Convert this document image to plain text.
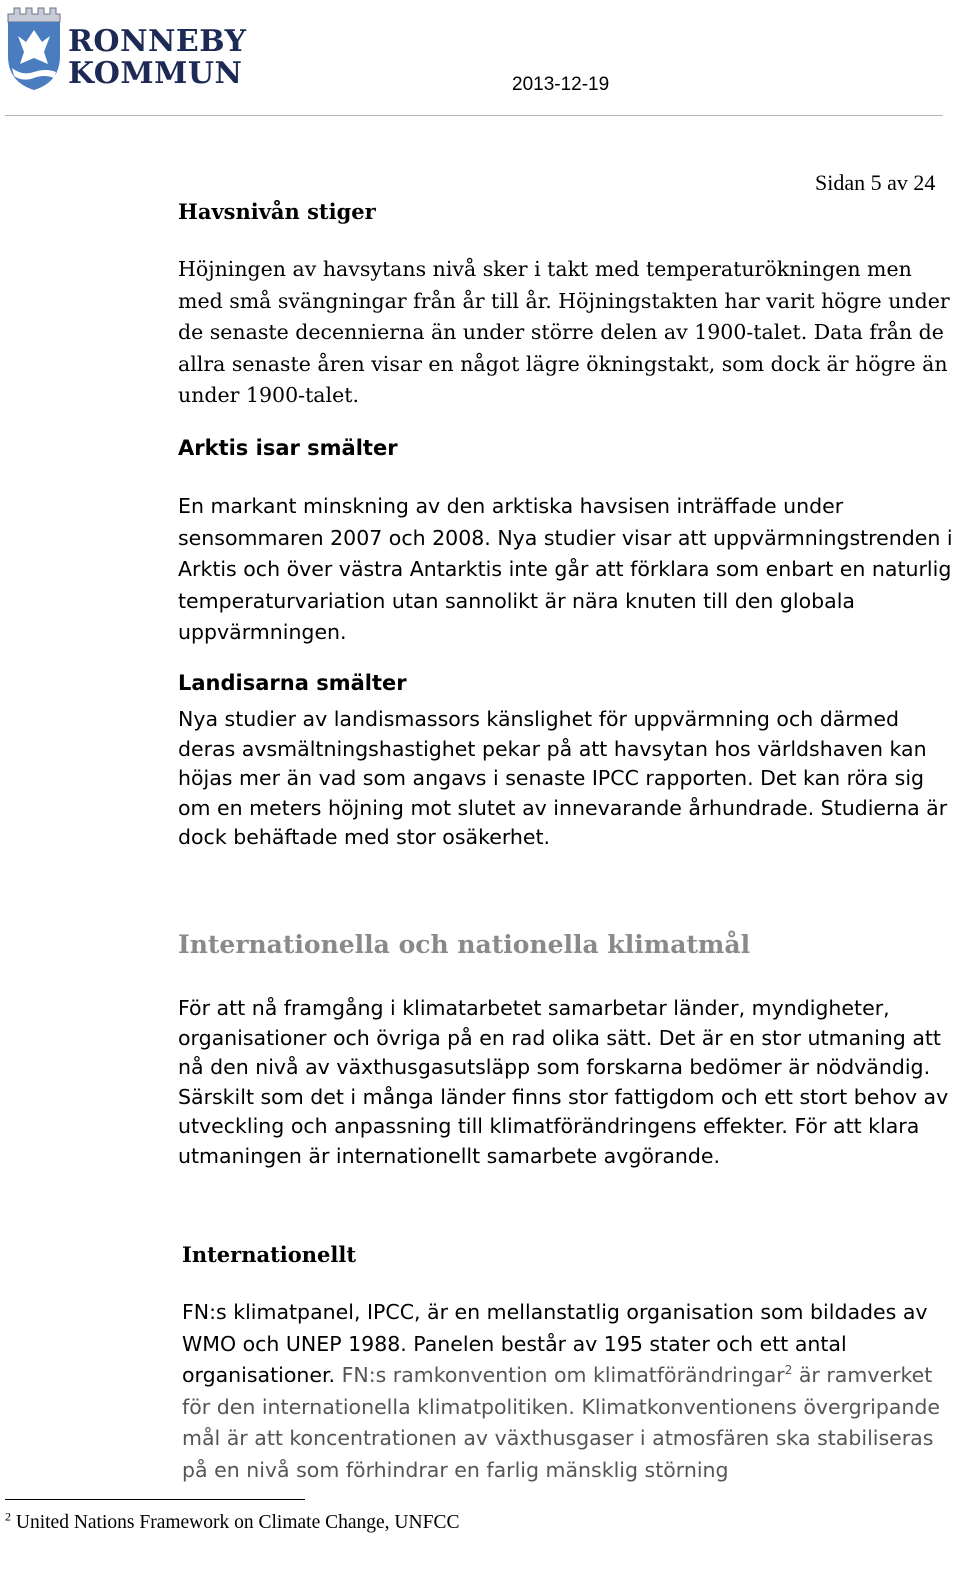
RONNEBY
KOMMUN	2013-12-19
Sidan 5 av 24
Havsnivån stiger
Höjningen av havsytans nivå sker i takt med temperaturökningen men med små svängningar från år till år. Höjningstakten har varit högre under de senaste decennierna än under större delen av 1900-talet. Data från de allra senaste åren visar en något lägre ökningstakt, som dock är högre än under 1900-talet.
Arktis isar smälter
En markant minskning av den arktiska havsisen inträffade under sensommaren 2007 och 2008. Nya studier visar att uppvärmningstrenden i Arktis och över västra Antarktis inte går att förklara som enbart en naturlig temperaturvariation utan sannolikt är nära knuten till den globala uppvärmningen.
Landisarna smälter
Nya studier av landismassors känslighet för uppvärmning och därmed deras avsmältningshastighet pekar på att havsytan hos världshaven kan höjas mer än vad som angavs i senaste IPCC rapporten. Det kan röra sig om en meters höjning mot slutet av innevarande århundrade. Studierna är dock behäftade med stor osäkerhet.
Internationella och nationella klimatmål
För att nå framgång i klimatarbetet samarbetar länder, myndigheter, organisationer och övriga på en rad olika sätt. Det är en stor utmaning att nå den nivå av växthusgasutsläpp som forskarna bedömer är nödvändig. Särskilt som det i många länder finns stor fattigdom och ett stort behov av utveckling och anpassning till klimatförändringens effekter. För att klara utmaningen är internationellt samarbete avgörande.
Internationellt
FN:s klimatpanel, IPCC, är en mellanstatlig organisation som bildades av WMO och UNEP 1988. Panelen består av 195 stater och ett antal organisationer. FN:s ramkonvention om klimatförändringar$^2$ är ramverket för den internationella klimatpolitiken. Klimatkonventionens övergripande mål är att koncentrationen av växthusgaser i atmosfären ska stabiliseras på en nivå som förhindrar en farlig mänsklig störning
$^2$ United Nations Framework on Climate Change, UNFCC
